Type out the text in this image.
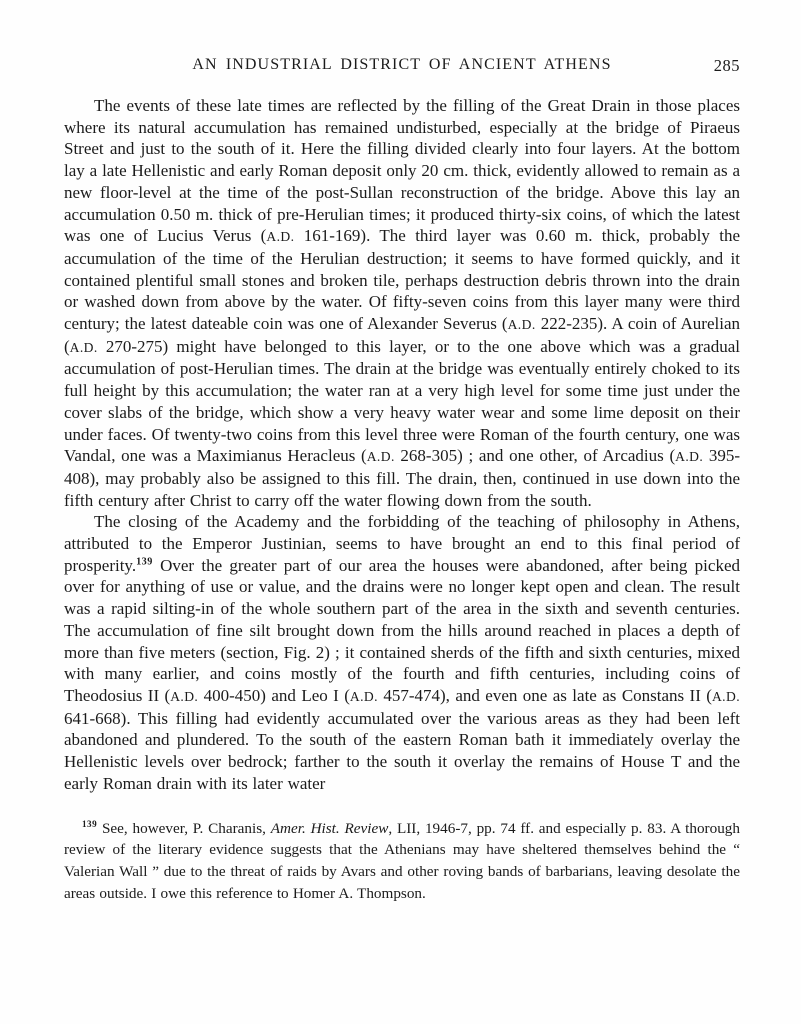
AN INDUSTRIAL DISTRICT OF ANCIENT ATHENS	285

The events of these late times are reflected by the filling of the Great Drain in those places where its natural accumulation has remained undisturbed, especially at the bridge of Piraeus Street and just to the south of it. Here the filling divided clearly into four layers. At the bottom lay a late Hellenistic and early Roman deposit only 20 cm. thick, evidently allowed to remain as a new floor-level at the time of the post-Sullan reconstruction of the bridge. Above this lay an accumulation 0.50 m. thick of pre-Herulian times; it produced thirty-six coins, of which the latest was one of Lucius Verus (A.D. 161-169). The third layer was 0.60 m. thick, probably the accumulation of the time of the Herulian destruction; it seems to have formed quickly, and it contained plentiful small stones and broken tile, perhaps destruction debris thrown into the drain or washed down from above by the water. Of fifty-seven coins from this layer many were third century; the latest dateable coin was one of Alexander Severus (A.D. 222-235). A coin of Aurelian (A.D. 270-275) might have belonged to this layer, or to the one above which was a gradual accumulation of post-Herulian times. The drain at the bridge was eventually entirely choked to its full height by this accumulation; the water ran at a very high level for some time just under the cover slabs of the bridge, which show a very heavy water wear and some lime deposit on their under faces. Of twenty-two coins from this level three were Roman of the fourth century, one was Vandal, one was a Maximianus Heracleus (A.D. 268-305) ; and one other, of Arcadius (A.D. 395-408), may probably also be assigned to this fill. The drain, then, continued in use down into the fifth century after Christ to carry off the water flowing down from the south.

The closing of the Academy and the forbidding of the teaching of philosophy in Athens, attributed to the Emperor Justinian, seems to have brought an end to this final period of prosperity.$^{139}$ Over the greater part of our area the houses were abandoned, after being picked over for anything of use or value, and the drains were no longer kept open and clean. The result was a rapid silting-in of the whole southern part of the area in the sixth and seventh centuries. The accumulation of fine silt brought down from the hills around reached in places a depth of more than five meters (section, Fig. 2) ; it contained sherds of the fifth and sixth centuries, mixed with many earlier, and coins mostly of the fourth and fifth centuries, including coins of Theodosius II (A.D. 400-450) and Leo I (A.D. 457-474), and even one as late as Constans II (A.D. 641-668). This filling had evidently accumulated over the various areas as they had been left abandoned and plundered. To the south of the eastern Roman bath it immediately overlay the Hellenistic levels over bedrock; farther to the south it overlay the remains of House T and the early Roman drain with its later water

$^{139}$ See, however, P. Charanis, Amer. Hist. Review, LII, 1946-7, pp. 74 ff. and especially p. 83. A thorough review of the literary evidence suggests that the Athenians may have sheltered themselves behind the “ Valerian Wall ” due to the threat of raids by Avars and other roving bands of barbarians, leaving desolate the areas outside. I owe this reference to Homer A. Thompson.
